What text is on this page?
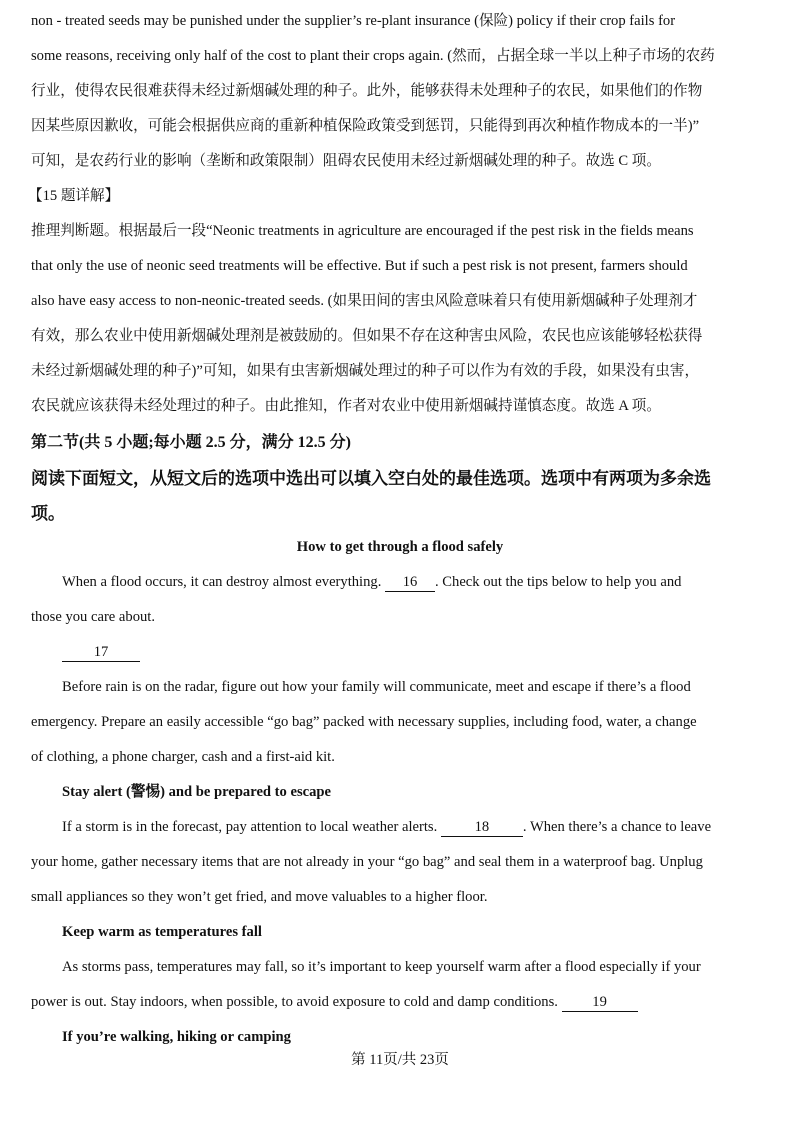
non - treated seeds may be punished under the supplier’s re-plant insurance (保险) policy if their crop fails for
some reasons, receiving only half of the cost to plant their crops again. (然而，占据全球一半以上种子市场的农药
行业，使得农民很难获得未经过新烟碱处理的种子。此外，能够获得未处理种子的农民，如果他们的作物
因某些原因歉收，可能会根据供应商的重新种植保险政策受到惩罚，只能得到再次种植作物成本的一半)”
可知，是农药行业的影响（垄断和政策限制）阻碍农民使用未经过新烟碱处理的种子。故选 C 项。
【15 题详解】
推理判断题。根据最后一段“Neonic treatments in agriculture are encouraged if the pest risk in the fields means
that only the use of neonic seed treatments will be effective. But if such a pest risk is not present, farmers should
also have easy access to non-neonic-treated seeds. (如果田间的害虫风险意味着只有使用新烟碱种子处理剂才
有效，那么农业中使用新烟碱处理剂是被鼓励的。但如果不存在这种害虫风险，农民也应该能够轻松获得
未经过新烟碱处理的种子)”可知，如果有虫害新烟碱处理过的种子可以作为有效的手段，如果没有虫害，
农民就应该获得未经处理过的种子。由此推知，作者对农业中使用新烟碱持谨慎态度。故选 A 项。
第二节(共 5 小题;每小题 2.5 分，满分 12.5 分)
阅读下面短文，从短文后的选项中选出可以填入空白处的最佳选项。选项中有两项为多余选
项。
How to get through a flood safely
When a flood occurs, it can destroy almost everything. 16 . Check out the tips below to help you and
those you care about.
17
Before rain is on the radar, figure out how your family will communicate, meet and escape if there’s a flood
emergency. Prepare an easily accessible “go bag” packed with necessary supplies, including food, water, a change
of clothing, a phone charger, cash and a first-aid kit.
Stay alert (警惕) and be prepared to escape
If a storm is in the forecast, pay attention to local weather alerts. 18 . When there’s a chance to leave
your home, gather necessary items that are not already in your “go bag” and seal them in a waterproof bag. Unplug
small appliances so they won’t get fried, and move valuables to a higher floor.
Keep warm as temperatures fall
As storms pass, temperatures may fall, so it’s important to keep yourself warm after a flood especially if your
power is out. Stay indoors, when possible, to avoid exposure to cold and damp conditions. 19
If you’re walking, hiking or camping
第 11页/共 23页
